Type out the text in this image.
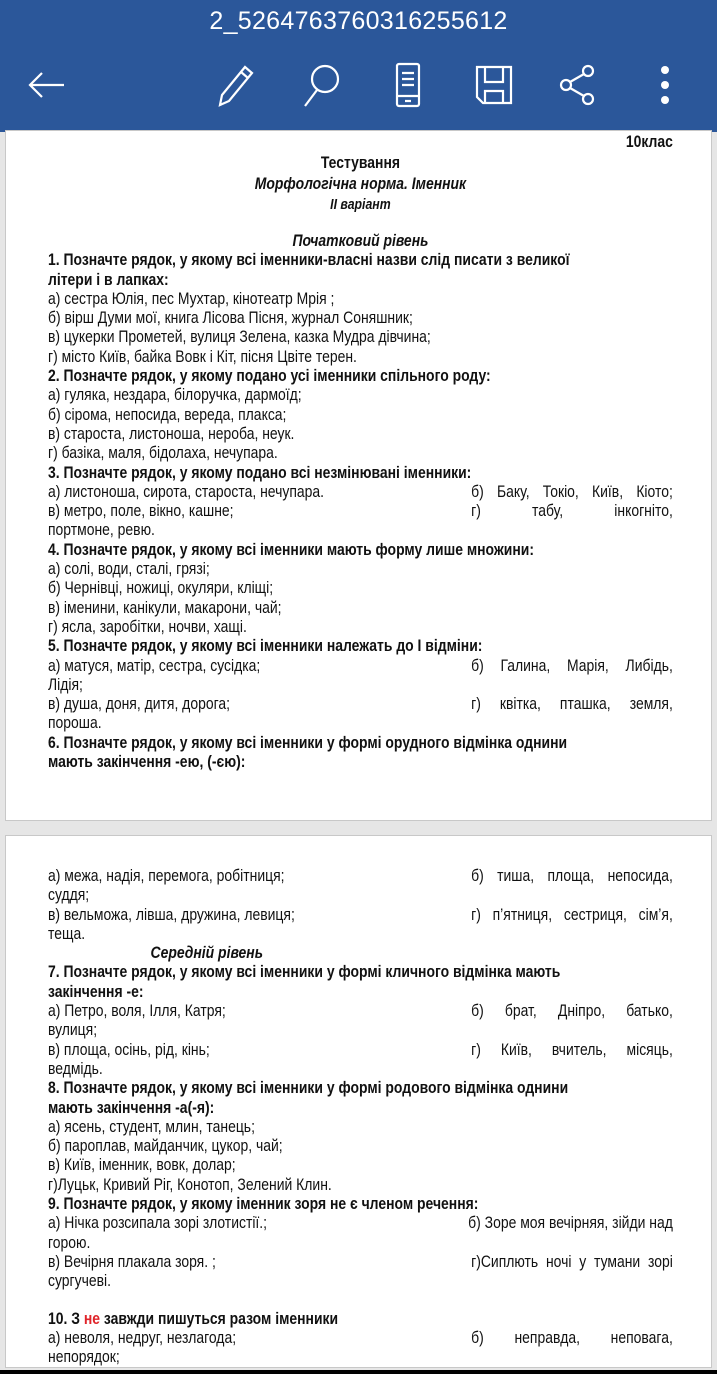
2_5264763760316255612
10клас
Тестування
Морфологічна норма. Іменник
II варіант
Початковий рівень
1. Позначте рядок, у якому всі іменники-власні назви слід писати з великої
літери і в лапках:
а) сестра Юлія, пес Мухтар, кінотеатр Мрія ;
б) вірш Думи мої, книга Лісова Пісня, журнал Соняшник;
в) цукерки Прометей, вулиця Зелена, казка Мудра дівчина;
г) місто Київ, байка Вовк і Кіт, пісня Цвіте терен.
2. Позначте рядок, у якому подано усі іменники спільного роду:
а) гуляка, нездара, білоручка, дармоїд;
б) сірома, непосида, вереда, плакса;
в) староста, листоноша, нероба, неук.
г) базіка, маля, бідолаха, нечупара.
3. Позначте рядок, у якому подано всі незмінювані іменники:
а) листоноша, сирота, староста, нечупара.	б) Баку, Токіо, Київ, Кіото;
в) метро, поле, вікно, кашне;	г) табу, інкогніто,
портмоне, ревю.
4. Позначте рядок, у якому всі іменники мають форму лише множини:
а) солі, води, сталі, грязі;
б) Чернівці, ножиці, окуляри, кліщі;
в) іменини, канікули, макарони, чай;
г) ясла, заробітки, ночви, хащі.
5. Позначте рядок, у якому всі іменники належать до I відміни:
а) матуся, матір, сестра, сусідка;	б) Галина, Марія, Либідь,
Лідія;
в) душа, доня, дитя, дорога;	г) квітка, пташка, земля,
пороша.
6. Позначте рядок, у якому всі іменники у формі орудного відмінка однини
мають закінчення -ею, (-єю):
а) межа, надія, перемога, робітниця;	б) тиша, площа, непосида,
суддя;
в) вельможа, лівша, дружина, левиця;	г) п’ятниця, сестриця, сім’я,
теща.
Середній рівень
7. Позначте рядок, у якому всі іменники у формі кличного відмінка мають
закінчення -е:
а) Петро, воля, Ілля, Катря;	б) брат, Дніпро, батько,
вулиця;
в) площа, осінь, рід, кінь;	г) Київ, вчитель, місяць,
ведмідь.
8. Позначте рядок, у якому всі іменники у формі родового відмінка однини
мають закінчення -а(-я):
а) ясень, студент, млин, танець;
б) пароплав, майданчик, цукор, чай;
в) Київ, іменник, вовк, долар;
г)Луцьк, Кривий Ріг, Конотоп, Зелений Клин.
9. Позначте рядок, у якому іменник зоря не є членом речення:
а) Нічка розсипала зорі злотистії.;	б) Зоре моя вечірняя, зійди над
горою.
в) Вечірня плакала зоря. ;	г)Сиплють ночі у тумани зорі
сургучеві.
10. З не завжди пишуться разом іменники
а) неволя, недруг, незлагода;	б) неправда, неповага,
непорядок;
